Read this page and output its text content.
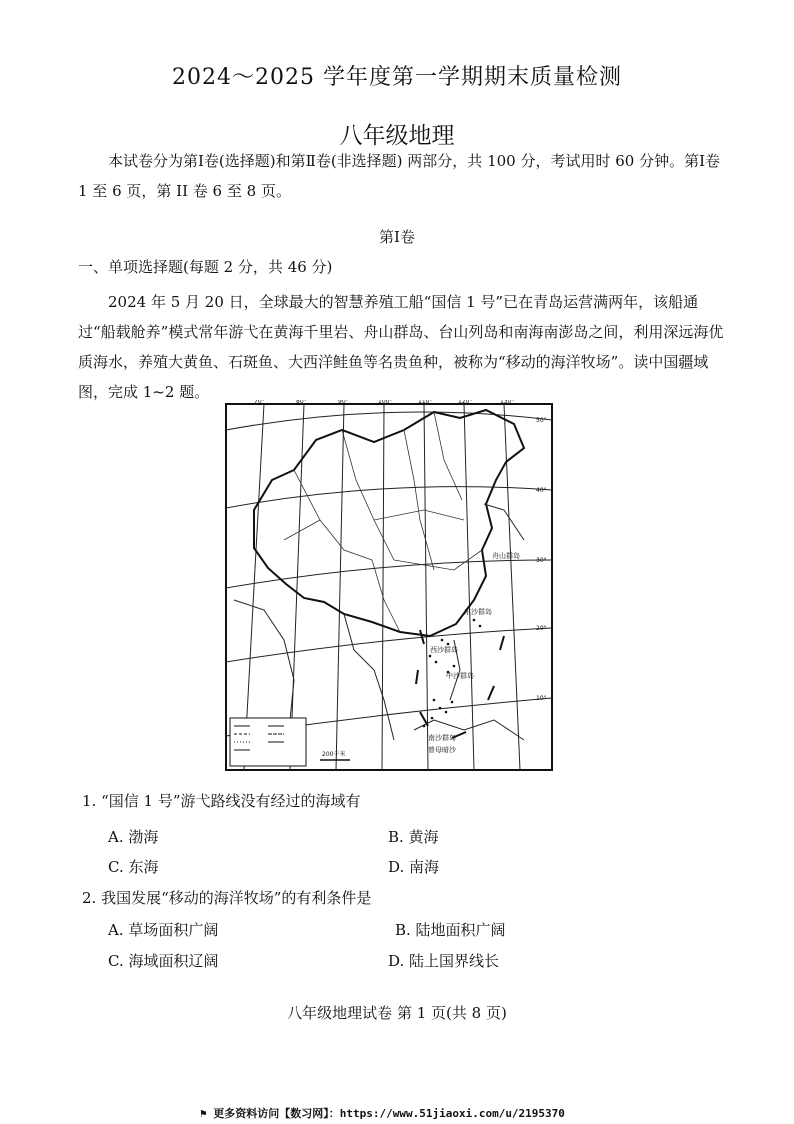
2024～2025 学年度第一学期期末质量检测
八年级地理
本试卷分为第Ⅰ卷(选择题)和第Ⅱ卷(非选择题) 两部分，共 100 分，考试用时 60 分钟。第Ⅰ卷 1 至 6 页，第 II 卷 6 至 8 页。
第Ⅰ卷
一、单项选择题(每题 2 分，共 46 分)
2024 年 5 月 20 日，全球最大的智慧养殖工船“国信 1 号”已在青岛运营满两年，该船通过“船载舱养”模式常年游弋在黄海千里岩、舟山群岛、台山列岛和南海南澎岛之间，利用深远海优质海水，养殖大黄鱼、石斑鱼、大西洋鲑鱼等名贵鱼种，被称为“移动的海洋牧场”。读中国疆域图，完成 1~2 题。
70°	80°	90°	100°	110°	120°	130°
50°
40°
30°
20°
10°
舟山群岛
东沙群岛
西沙群岛
中沙群岛
南沙群岛
曾母暗沙
200千米
1. “国信 1 号”游弋路线没有经过的海域有
A. 渤海	B. 黄海
C. 东海	D. 南海
2. 我国发展“移动的海洋牧场”的有利条件是
A. 草场面积广阔	B. 陆地面积广阔
C. 海域面积辽阔	D. 陆上国界线长
八年级地理试卷 第 1 页(共 8 页)
⚑ 更多资料访问【数习网】：https://www.51jiaoxi.com/u/2195370
